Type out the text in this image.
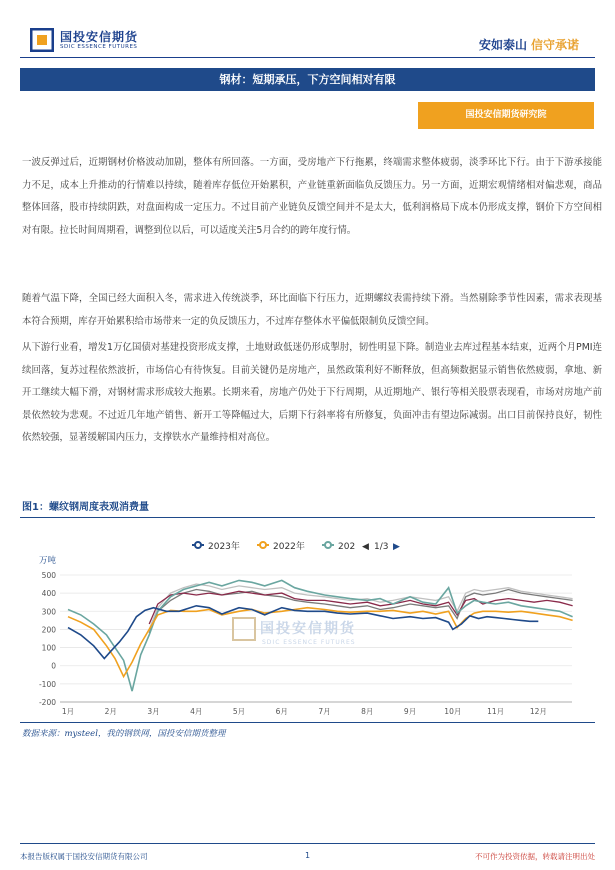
国投安信期货
SDIC ESSENCE FUTURES	安如泰山 信守承诺
钢材：短期承压，下方空间相对有限
国投安信期货研究院

一波反弹过后，近期钢材价格波动加剧，整体有所回落。一方面，受房地产下行拖累，终端需求整体疲弱，淡季环比下行。由于下游承接能力不足，成本上升推动的行情难以持续，随着库存低位开始累积，产业链重新面临负反馈压力。另一方面，近期宏观情绪相对偏悲观，商品整体回落，股市持续阴跌，对盘面构成一定压力。不过目前产业链负反馈空间并不是太大，低利润格局下成本仍形成支撑，钢价下方空间相对有限。拉长时间周期看，调整到位以后，可以适度关注5月合约的跨年度行情。

随着气温下降，全国已经大面积入冬，需求进入传统淡季，环比面临下行压力，近期螺纹表需持续下滑。当然剔除季节性因素，需求表现基本符合预期，库存开始累积给市场带来一定的负反馈压力，不过库存整体水平偏低限制负反馈空间。

从下游行业看，增发1万亿国债对基建投资形成支撑，土地财政低迷仍形成掣肘，韧性明显下降。制造业去库过程基本结束，近两个月PMI连续回落，复苏过程依然波折，市场信心有待恢复。目前关键仍是房地产，虽然政策利好不断释放，但高频数据显示销售依然疲弱，拿地、新开工继续大幅下滑，对钢材需求形成较大拖累。长期来看，房地产仍处于下行周期，从近期地产、银行等相关股票表现看，市场对房地产前景依然较为悲观。不过近几年地产销售、新开工等降幅过大，后期下行斜率将有所修复，负面冲击有望边际减弱。出口目前保持良好，韧性依然较强，显著缓解国内压力，支撑铁水产量维持相对高位。

图1：螺纹钢周度表观消费量
2023年	2022年	202 ◀ 1/3 ▶
万吨
500
400
300
200
100
0
-100
-200
国投安信期货
SDIC ESSENCE FUTURES
1月	2月	3月	4月	5月	6月	7月	8月	9月	10月	11月	12月
数据来源：mysteel，我的钢铁网，国投安信期货整理
本报告版权属于国投安信期货有限公司	1	不可作为投资依据，转载请注明出处
